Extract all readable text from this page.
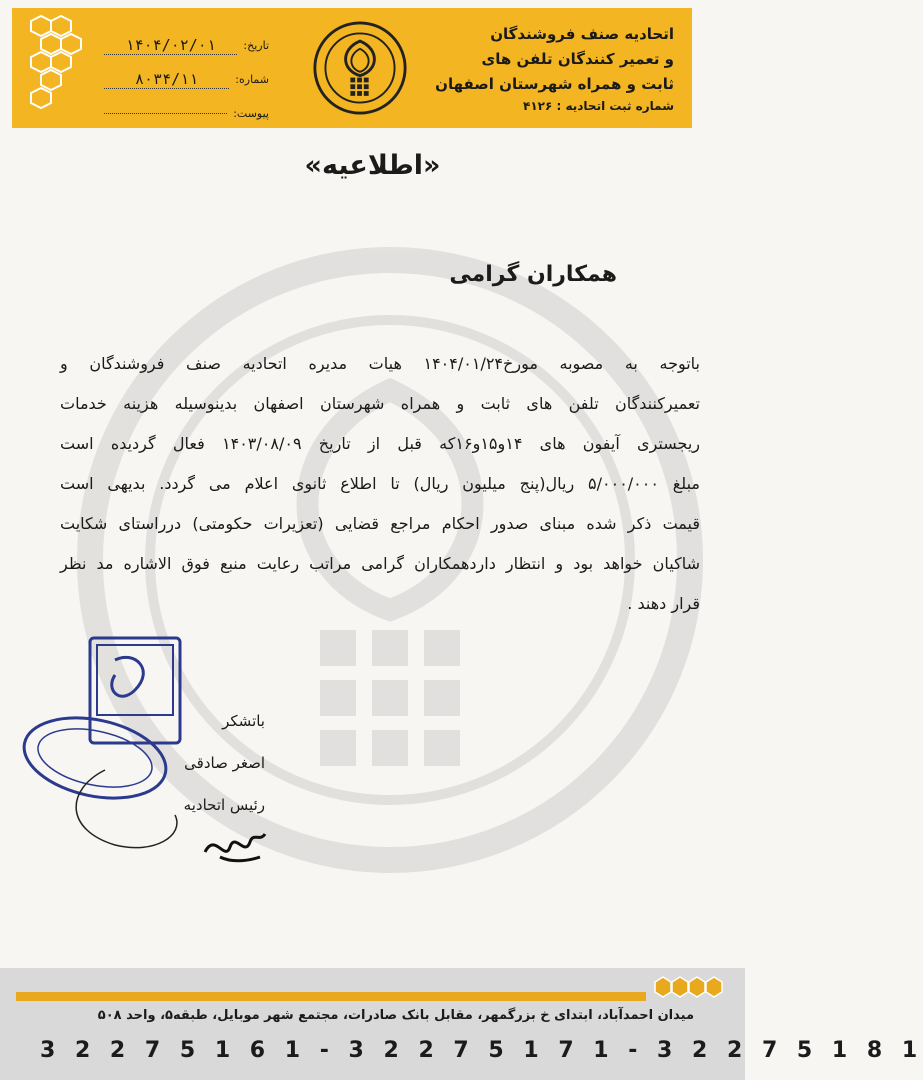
تاریخ:
۱۴۰۴/۰۲/۰۱
شماره:
۸۰۳۴/۱۱
پیوست:
اتحادیه صنف فروشندگان
و تعمیر کنندگان تلفن های
ثابت و همراه شهرستان اصفهان
شماره ثبت اتحادیه : ۴۱۲۶
«اطلاعیه»
همکاران گرامی
باتوجه به مصوبه مورخ۱۴۰۴/۰۱/۲۴ هیات مدیره اتحادیه صنف فروشندگان و
تعمیرکنندگان تلفن های ثابت و همراه شهرستان اصفهان بدینوسیله هزینه خدمات
ریجستری آیفون های ۱۴و۱۵و۱۶که قبل از تاریخ ۱۴۰۳/۰۸/۰۹ فعال گردیده است
مبلغ ۵/۰۰۰/۰۰۰ ریال(پنج میلیون ریال) تا اطلاع ثانوی اعلام می گردد. بدیهی است
قیمت ذکر شده مبنای صدور احکام مراجع قضایی (تعزیرات حکومتی) درراستای شکایت
شاکیان خواهد بود و انتظار داردهمکاران گرامی مراتب رعایت منبع فوق الاشاره مد نظر
قرار دهند .
باتشکر
اصغر صادقی
رئیس اتحادیه
میدان احمدآباد، ابتدای خ بزرگمهر، مقابل بانک صادرات، مجتمع شهر موبایل، طبقه۵، واحد ۵۰۸
3 2 2 7 5 1 6 1 - 3 2 2 7 5 1 7 1 - 3 2 2 7 5 1 8 1
